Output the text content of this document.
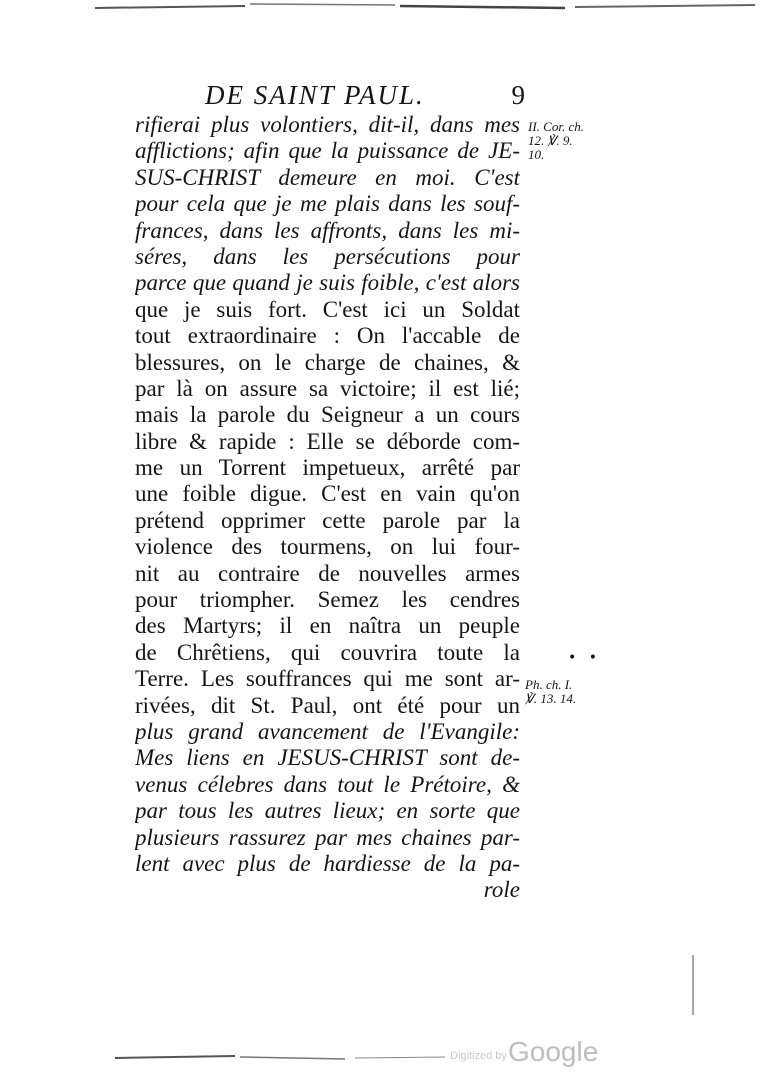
DE SAINT PAUL.	9
rifierai plus volontiers, dit-il, dans mes
afflictions; afin que la puissance de JE-
SUS-CHRIST demeure en moi. C'est
pour cela que je me plais dans les souf-
frances, dans les affronts, dans les mi-
séres, dans les persécutions pour
parce que quand je suis foible, c'est alors
que je suis fort. C'est ici un Soldat
tout extraordinaire : On l'accable de
blessures, on le charge de chaines, &
par là on assure sa victoire; il est lié;
mais la parole du Seigneur a un cours
libre & rapide : Elle se déborde com-
me un Torrent impetueux, arrêté par
une foible digue. C'est en vain qu'on
prétend opprimer cette parole par la
violence des tourmens, on lui four-
nit au contraire de nouvelles armes
pour triompher. Semez les cendres
des Martyrs; il en naîtra un peuple
de Chrêtiens, qui couvrira toute la
Terre. Les souffrances qui me sont ar-
rivées, dit St. Paul, ont été pour un
plus grand avancement de l'Evangile:
Mes liens en JESUS-CHRIST sont de-
venus célebres dans tout le Prétoire, &
par tous les autres lieux; en sorte que
plusieurs rassurez par mes chaines par-
lent avec plus de hardiesse de la pa-
role
II. Cor. ch.
12. ℣. 9.
10.
• •
Ph. ch. I.
℣. 13. 14.
Digitized by Google
